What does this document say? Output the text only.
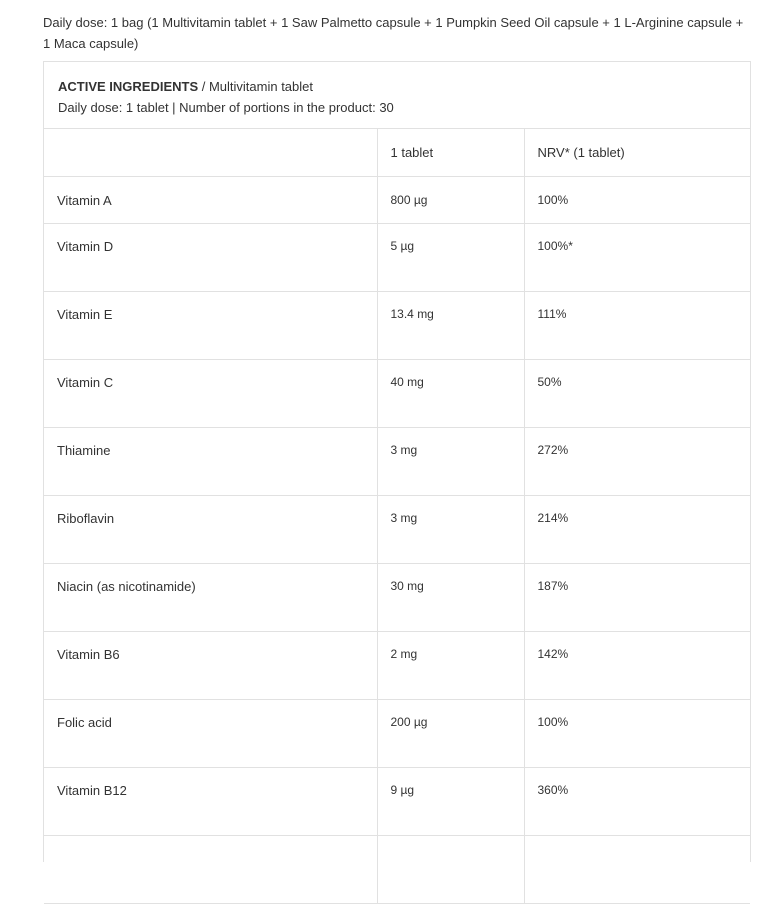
Daily dose: 1 bag (1 Multivitamin tablet + 1 Saw Palmetto capsule + 1 Pumpkin Seed Oil capsule + 1 L-Arginine capsule + 1 Maca capsule)
ACTIVE INGREDIENTS / Multivitamin tablet
Daily dose: 1 tablet | Number of portions in the product: 30
	1 tablet	NRV* (1 tablet)
Vitamin A	800 µg	100%
Vitamin D	5 µg	100%*
Vitamin E	13.4 mg	111%
Vitamin C	40 mg	50%
Thiamine	3 mg	272%
Riboflavin	3 mg	214%
Niacin (as nicotinamide)	30 mg	187%
Vitamin B6	2 mg	142%
Folic acid	200 µg	100%
Vitamin B12	9 µg	360%
